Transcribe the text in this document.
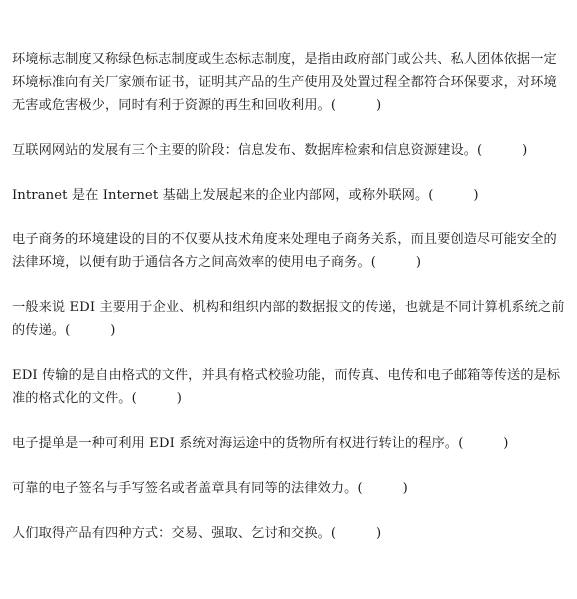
环境标志制度又称绿色标志制度或生态标志制度，是指由政府部门或公共、私人团体依据一定环境标准向有关厂家颁布证书，证明其产品的生产使用及处置过程全都符合环保要求，对环境无害或危害极少，同时有利于资源的再生和回收利用。(　　　)

互联网网站的发展有三个主要的阶段：信息发布、数据库检索和信息资源建设。(　　　)

Intranet 是在 Internet 基础上发展起来的企业内部网，或称外联网。(　　　)

电子商务的环境建设的目的不仅要从技术角度来处理电子商务关系，而且要创造尽可能安全的法律环境，以便有助于通信各方之间高效率的使用电子商务。(　　　)

一般来说 EDI 主要用于企业、机构和组织内部的数据报文的传递，也就是不同计算机系统之前的传递。(　　　)

EDI 传输的是自由格式的文件，并具有格式校验功能，而传真、电传和电子邮箱等传送的是标准的格式化的文件。(　　　)

电子提单是一种可利用 EDI 系统对海运途中的货物所有权进行转让的程序。(　　　)

可靠的电子签名与手写签名或者盖章具有同等的法律效力。(　　　)

人们取得产品有四种方式：交易、强取、乞讨和交换。(　　　)
